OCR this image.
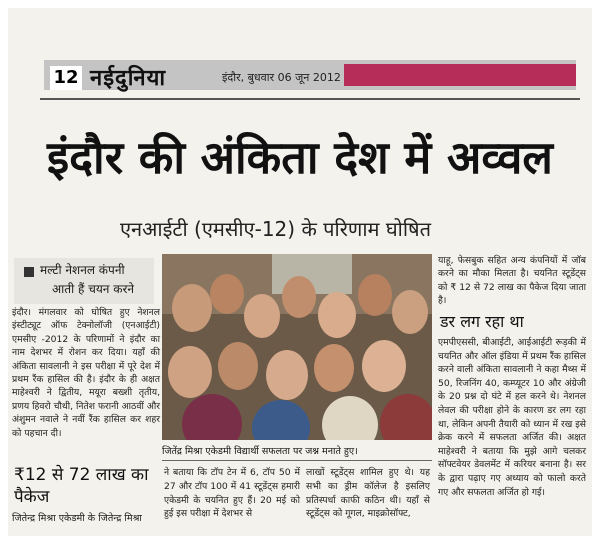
12 नईदुनिया	इंदौर, बुधवार 06 जून 2012
इंदौर की अंकिता देश में अव्वल
एनआईटी (एमसीए-12) के परिणाम घोषित
मल्टी नेशनल कंपनी
आती हैं चयन करने
इंदौर। मंगलवार को घोषित हुए नेशनल इंस्टीट्यूट ऑफ टेक्नोलॉजी (एनआईटी) एमसीए -2012 के परिणामों ने इंदौर का नाम देशभर में रोशन कर दिया। यहाँ की अंकिता सावलानी ने इस परीक्षा में पूरे देश में प्रथम रैंक हासिल की है। इंदौर के ही अक्षत माहेश्वरी ने द्वितीय, मयूरा बख्शी तृतीय, प्रणय हिवरो चौथी, नितेश फरानी आठवीं और अंशुमन नवाले ने नवीं रैंक हासिल कर शहर को पहचान दी।
₹12 से 72 लाख का पैकेज
जितेन्द्र मिश्रा एकेडमी के जितेन्द्र मिश्रा
जितेंद्र मिश्रा एकेडमी विद्यार्थी सफलता पर जश्न मनाते हुए।
ने बताया कि टॉप टेन में 6, टॉप 50 में 27 और टॉप 100 में 41 स्टूडेंट्स हमारी एकेडमी के चयनित हुए हैं। 20 मई को हुई इस परीक्षा में देशभर से
लाखों स्टूडेंट्स शामिल हुए थे। यह सभी का ड्रीम कॉलेज है इसलिए प्रतिस्पर्धा काफी कठिन थी। यहाँ से स्टूडेंट्स को गूगल, माइक्रोसॉफ्ट,
याहू, फेसबुक सहित अन्य कंपनियों में जॉब करने का मौका मिलता है। चयनित स्टूडेंट्स को ₹ 12 से 72 लाख का पैकेज दिया जाता है।
डर लग रहा था
एमपीएससी, बीआईटी, आईआईटी रूड़की में चयनित और ऑल इंडिया में प्रथम रैंक हासिल करने वाली अंकिता सावलानी ने कहा मैथ्स में 50, रिजनिंग 40, कम्प्यूटर 10 और अंग्रेजी के 20 प्रश्न दो घंटे में हल करने थे। नेशनल लेवल की परीक्षा होने के कारण डर लग रहा था, लेकिन अपनी तैयारी को ध्यान में रख इसे क्रेक करने में सफलता अर्जित की। अक्षत माहेश्वरी ने बताया कि मुझे आगे चलकर सॉफ्टवेयर डेवलमेंट में करियर बनाना है। सर के द्वारा पढ़ाए गए अध्याय को फालो करते गए और सफलता अर्जित हो गई।
